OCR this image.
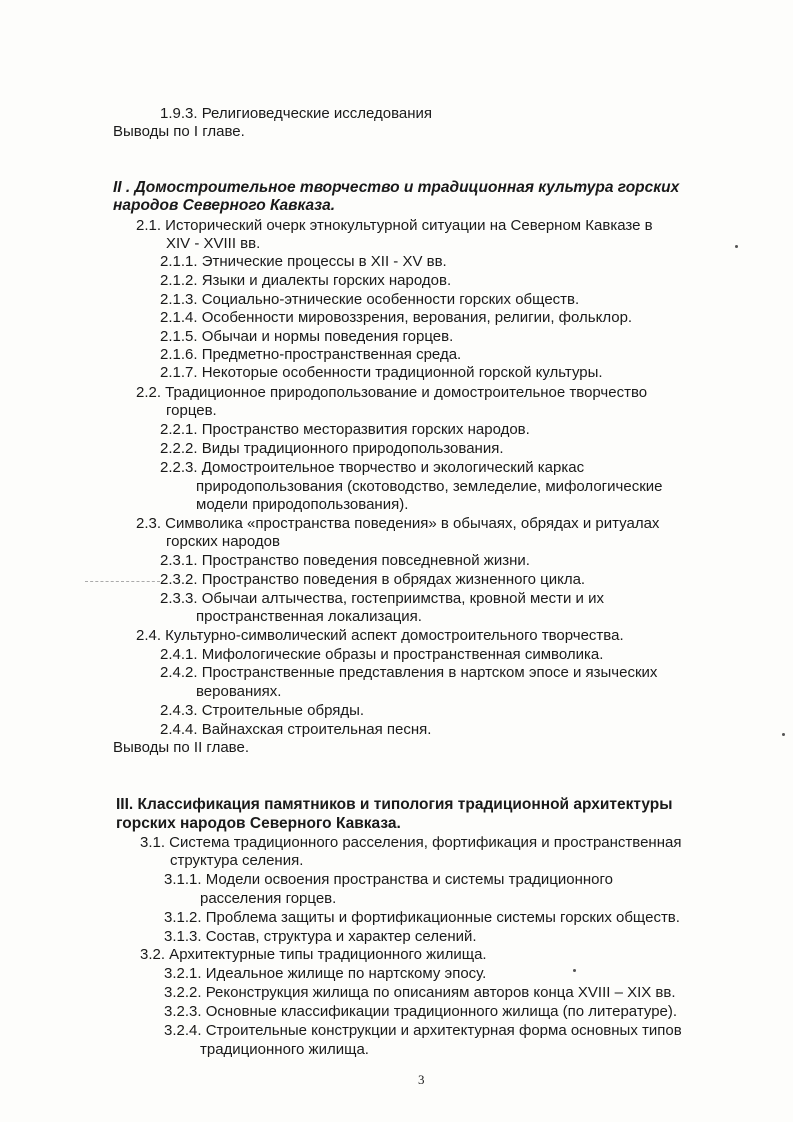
1.9.3. Религиоведческие исследования
Выводы по I главе.
II . Домостроительное творчество и традиционная культура горских
народов Северного Кавказа.
2.1. Исторический очерк этнокультурной ситуации на Северном Кавказе в
XIV - XVIII вв.
2.1.1. Этнические процессы в XII - XV вв.
2.1.2. Языки и диалекты горских народов.
2.1.3. Социально-этнические особенности горских обществ.
2.1.4. Особенности мировоззрения, верования, религии, фольклор.
2.1.5. Обычаи и нормы поведения горцев.
2.1.6. Предметно-пространственная среда.
2.1.7. Некоторые особенности традиционной горской культуры.
2.2. Традиционное природопользование и домостроительное творчество
горцев.
2.2.1. Пространство месторазвития горских народов.
2.2.2. Виды традиционного природопользования.
2.2.3. Домостроительное творчество и экологический каркас
природопользования (скотоводство, земледелие, мифологические
модели природопользования).
2.3. Символика «пространства поведения» в обычаях, обрядах и ритуалах
горских народов
2.3.1. Пространство поведения повседневной жизни.
2.3.2. Пространство поведения в обрядах жизненного цикла.
2.3.3. Обычаи алтычества, гостеприимства, кровной мести и их
пространственная локализация.
2.4. Культурно-символический аспект домостроительного творчества.
2.4.1. Мифологические образы и пространственная символика.
2.4.2. Пространственные представления в нартском эпосе и языческих
верованиях.
2.4.3. Строительные обряды.
2.4.4. Вайнахская строительная песня.
Выводы по II главе.
III. Классификация памятников и типология традиционной архитектуры
горских народов Северного Кавказа.
3.1. Система традиционного расселения, фортификация и пространственная
структура селения.
3.1.1. Модели освоения пространства и системы традиционного
расселения горцев.
3.1.2. Проблема защиты и фортификационные системы горских обществ.
3.1.3. Состав, структура и характер селений.
3.2. Архитектурные типы традиционного жилища.
3.2.1. Идеальное жилище по нартскому эпосу.
3.2.2. Реконструкция жилища по описаниям авторов конца XVIII – XIX вв.
3.2.3. Основные классификации традиционного жилища (по литературе).
3.2.4. Строительные конструкции и архитектурная форма основных типов
традиционного жилища.
3
